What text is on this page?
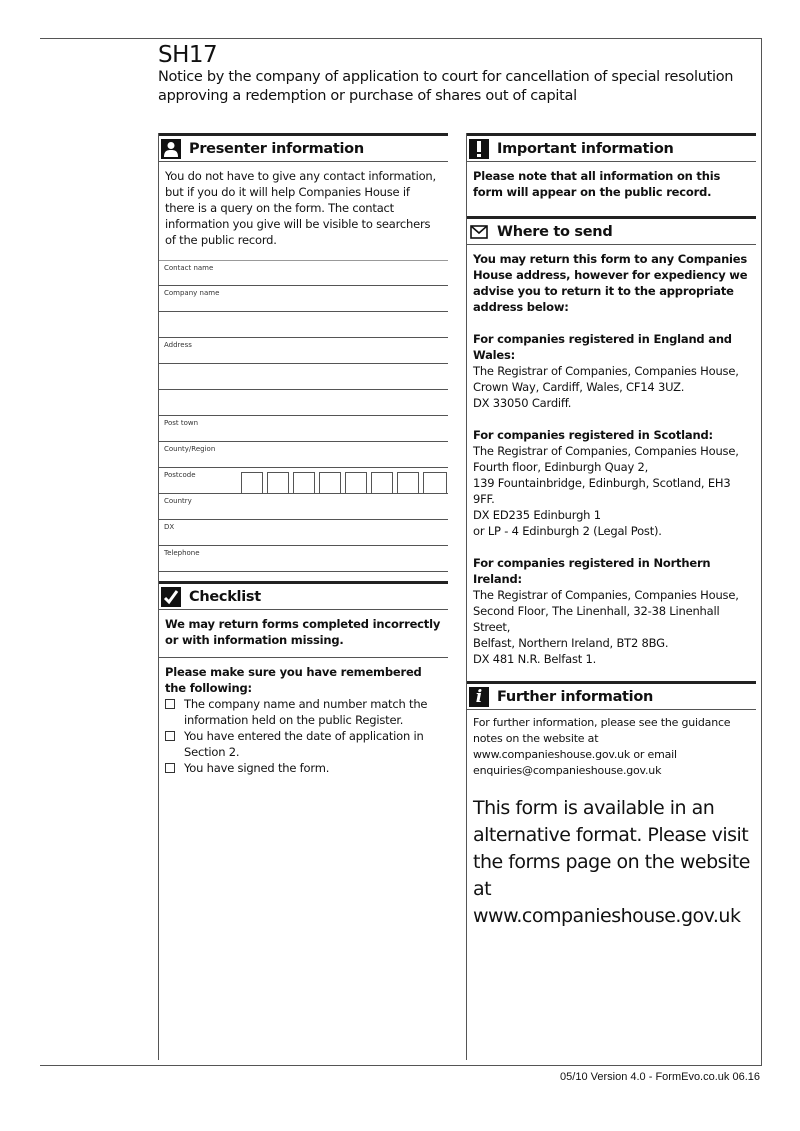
SH17
Notice by the company of application to court for cancellation of special resolution approving a redemption or purchase of shares out of capital
Presenter information
You do not have to give any contact information, but if you do it will help Companies House if there is a query on the form. The contact information you give will be visible to searchers of the public record.
Contact name
Company name
Address
Post town
County/Region
Postcode
Country
DX
Telephone
Checklist
We may return forms completed incorrectly or with information missing.
Please make sure you have remembered the following:
The company name and number match the information held on the public Register.
You have entered the date of application in Section 2.
You have signed the form.
Important information
Please note that all information on this form will appear on the public record.
Where to send
You may return this form to any Companies House address, however for expediency we advise you to return it to the appropriate address below:
For companies registered in England and Wales:
The Registrar of Companies, Companies House,
Crown Way, Cardiff, Wales, CF14 3UZ.
DX 33050 Cardiff.
For companies registered in Scotland:
The Registrar of Companies, Companies House,
Fourth floor, Edinburgh Quay 2,
139 Fountainbridge, Edinburgh, Scotland, EH3 9FF.
DX ED235 Edinburgh 1
or LP - 4 Edinburgh 2 (Legal Post).
For companies registered in Northern Ireland:
The Registrar of Companies, Companies House,
Second Floor, The Linenhall, 32-38 Linenhall Street,
Belfast, Northern Ireland, BT2 8BG.
DX 481 N.R. Belfast 1.
i Further information
For further information, please see the guidance notes on the website at www.companieshouse.gov.uk or email enquiries@companieshouse.gov.uk
This form is available in an alternative format. Please visit the forms page on the website at www.companieshouse.gov.uk
05/10 Version 4.0 - FormEvo.co.uk 06.16
